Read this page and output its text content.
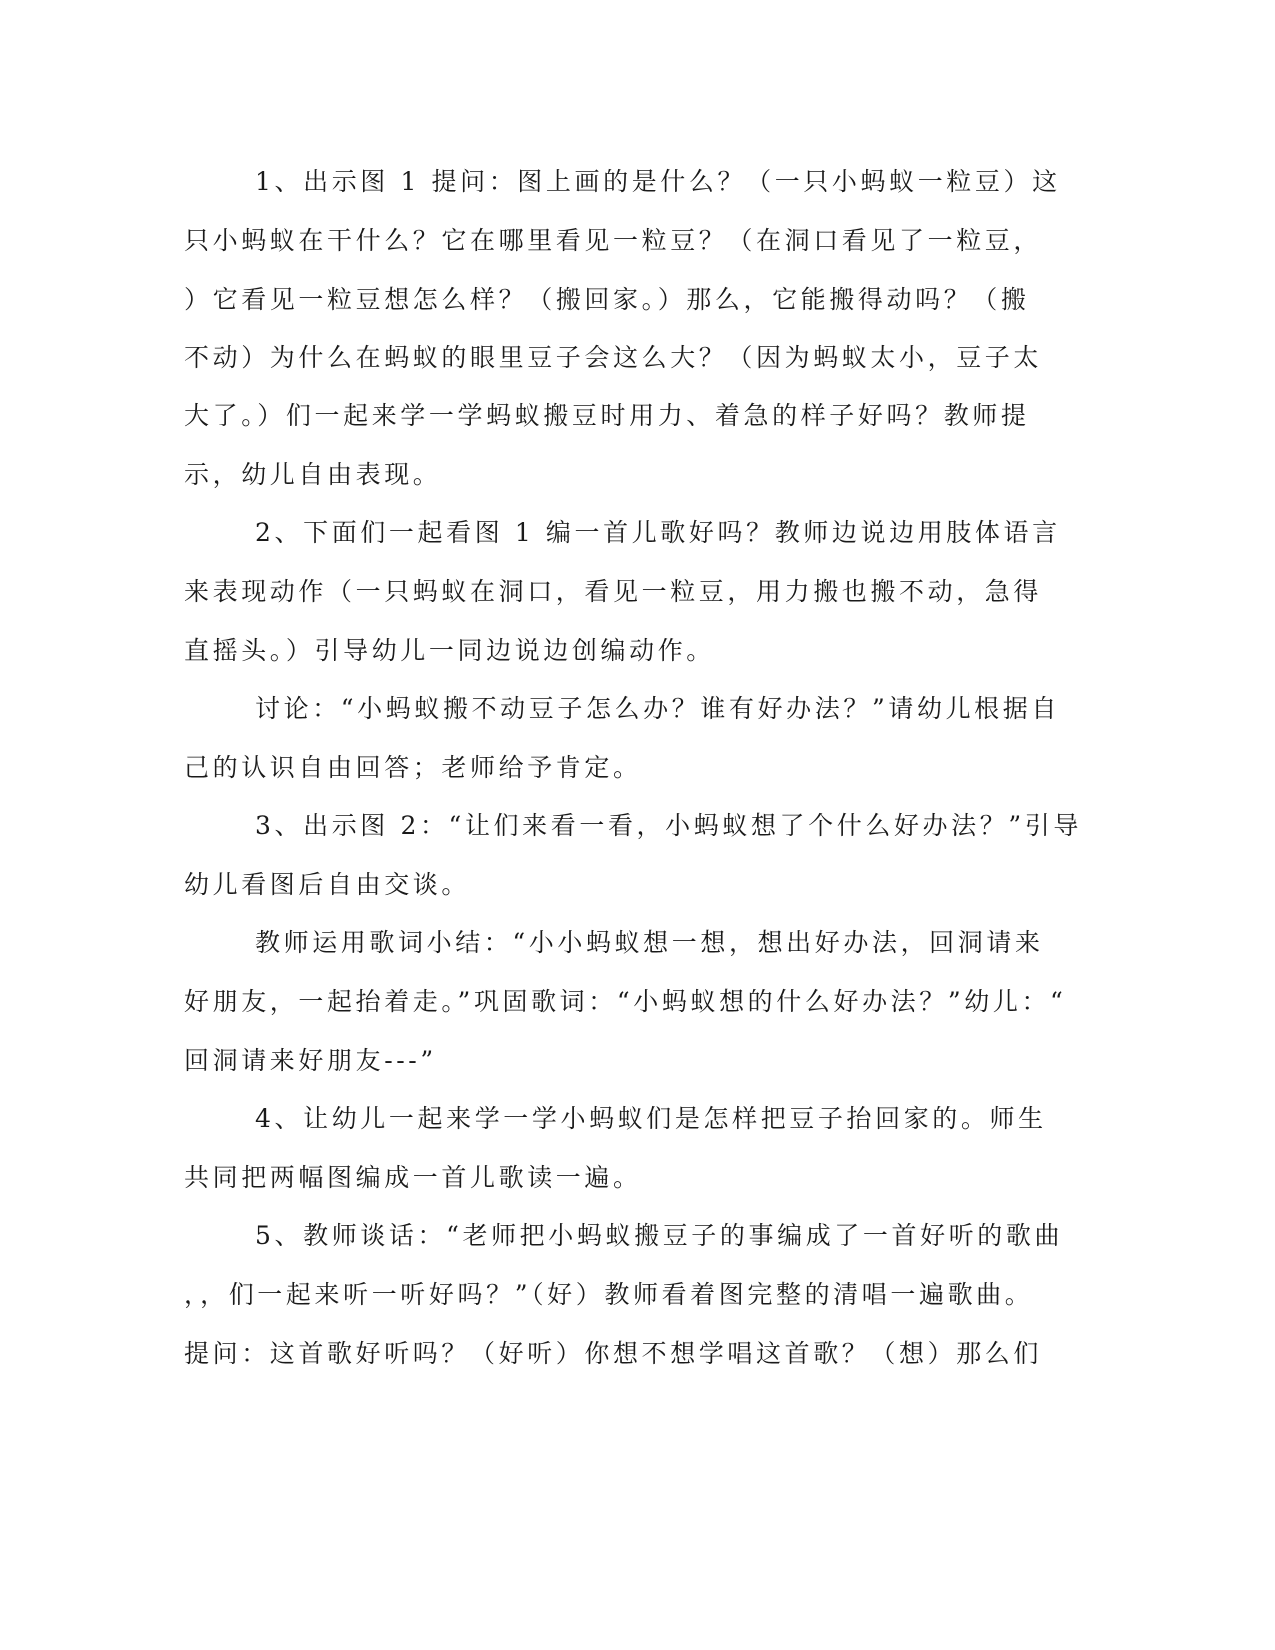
1、出示图 1 提问：图上画的是什么？（一只小蚂蚁一粒豆）这
只小蚂蚁在干什么？它在哪里看见一粒豆？（在洞口看见了一粒豆，
）它看见一粒豆想怎么样？（搬回家。）那么，它能搬得动吗？（搬
不动）为什么在蚂蚁的眼里豆子会这么大？（因为蚂蚁太小，豆子太
大了。）们一起来学一学蚂蚁搬豆时用力、着急的样子好吗？教师提
示，幼儿自由表现。
2、下面们一起看图 1 编一首儿歌好吗？教师边说边用肢体语言
来表现动作（一只蚂蚁在洞口，看见一粒豆，用力搬也搬不动，急得
直摇头。）引导幼儿一同边说边创编动作。
讨论：“小蚂蚁搬不动豆子怎么办？谁有好办法？”请幼儿根据自
己的认识自由回答；老师给予肯定。
3、出示图 2：“让们来看一看，小蚂蚁想了个什么好办法？”引导
幼儿看图后自由交谈。
教师运用歌词小结：“小小蚂蚁想一想，想出好办法，回洞请来
好朋友，一起抬着走。”巩固歌词：“小蚂蚁想的什么好办法？”幼儿：“
回洞请来好朋友---”
4、让幼儿一起来学一学小蚂蚁们是怎样把豆子抬回家的。师生
共同把两幅图编成一首儿歌读一遍。
5、教师谈话：“老师把小蚂蚁搬豆子的事编成了一首好听的歌曲
，，们一起来听一听好吗？”（好）教师看着图完整的清唱一遍歌曲。
提问：这首歌好听吗？（好听）你想不想学唱这首歌？（想）那么们
